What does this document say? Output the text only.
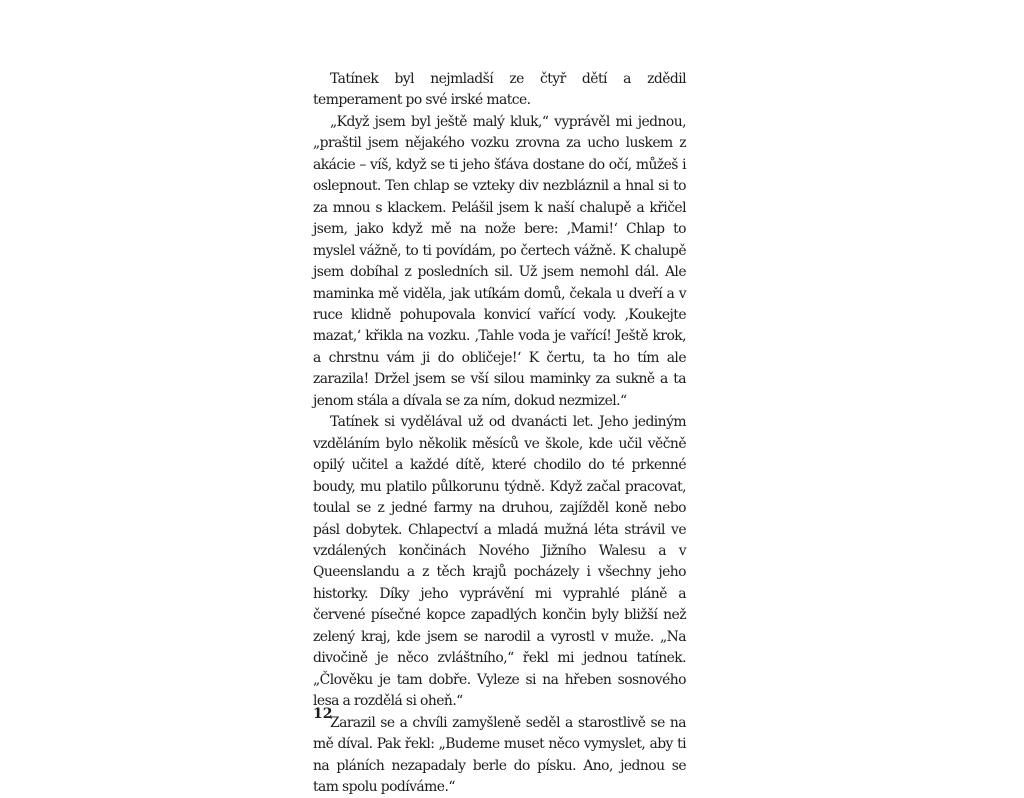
Tatínek byl nejmladší ze čtyř dětí a zdědil temperament po své irské matce.

„Když jsem byl ještě malý kluk,“ vyprávěl mi jednou, „praštil jsem nějakého vozku zrovna za ucho luskem z akácie – víš, když se ti jeho šťáva dostane do očí, můžeš i oslepnout. Ten chlap se vzteky div nezbláznil a hnal si to za mnou s klackem. Pelášil jsem k naší chalupě a křičel jsem, jako když mě na nože bere: ‚Mami!‘ Chlap to myslel vážně, to ti povídám, po čertech vážně. K chalupě jsem dobíhal z posledních sil. Už jsem nemohl dál. Ale maminka mě viděla, jak utíkám domů, čekala u dveří a v ruce klidně pohupovala konvicí vařící vody. ‚Koukejte mazat,‘ křikla na vozku. ‚Tahle voda je vařící! Ještě krok, a chrstnu vám ji do obličeje!‘ K čertu, ta ho tím ale zarazila! Držel jsem se vší silou maminky za sukně a ta jenom stála a dívala se za ním, dokud nezmizel.“

Tatínek si vydělával už od dvanácti let. Jeho jediným vzděláním bylo několik měsíců ve škole, kde učil věčně opilý učitel a každé dítě, které chodilo do té prkenné boudy, mu platilo půlkorunu týdně. Když začal pracovat, toulal se z jedné farmy na druhou, zajížděl koně nebo pásl dobytek. Chlapectví a mladá mužná léta strávil ve vzdálených končinách Nového Jižního Walesu a v Queenslandu a z těch krajů pocházely i všechny jeho historky. Díky jeho vyprávění mi vyprahlé pláně a červené písečné kopce zapadlých končin byly bližší než zelený kraj, kde jsem se narodil a vyrostl v muže. „Na divočině je něco zvláštního,“ řekl mi jednou tatínek. „Člověku je tam dobře. Vyleze si na hřeben sosnového lesa a rozdělá si oheň.“

Zarazil se a chvíli zamyšleně seděl a starostlivě se na mě díval. Pak řekl: „Budeme muset něco vymyslet, aby ti na pláních nezapadaly berle do písku. Ano, jednou se tam spolu podíváme.“

12
